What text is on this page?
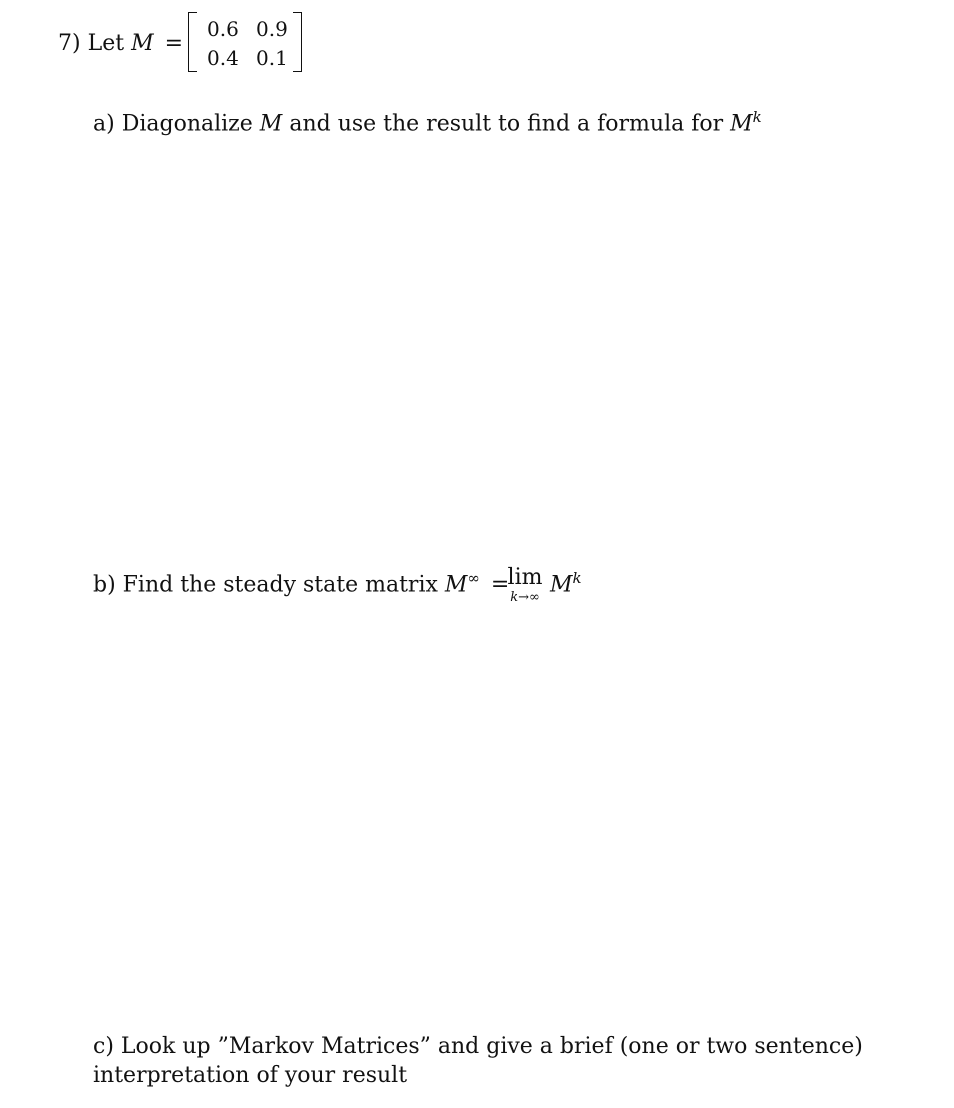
7) Let M =
0.6 0.9
0.4 0.1
a) Diagonalize M and use the result to find a formula for $M^k$
b) Find the steady state matrix M∞ =
lim
k→∞
$M^k$
c) Look up ”Markov Matrices” and give a brief (one or two sentence)
interpretation of your result
